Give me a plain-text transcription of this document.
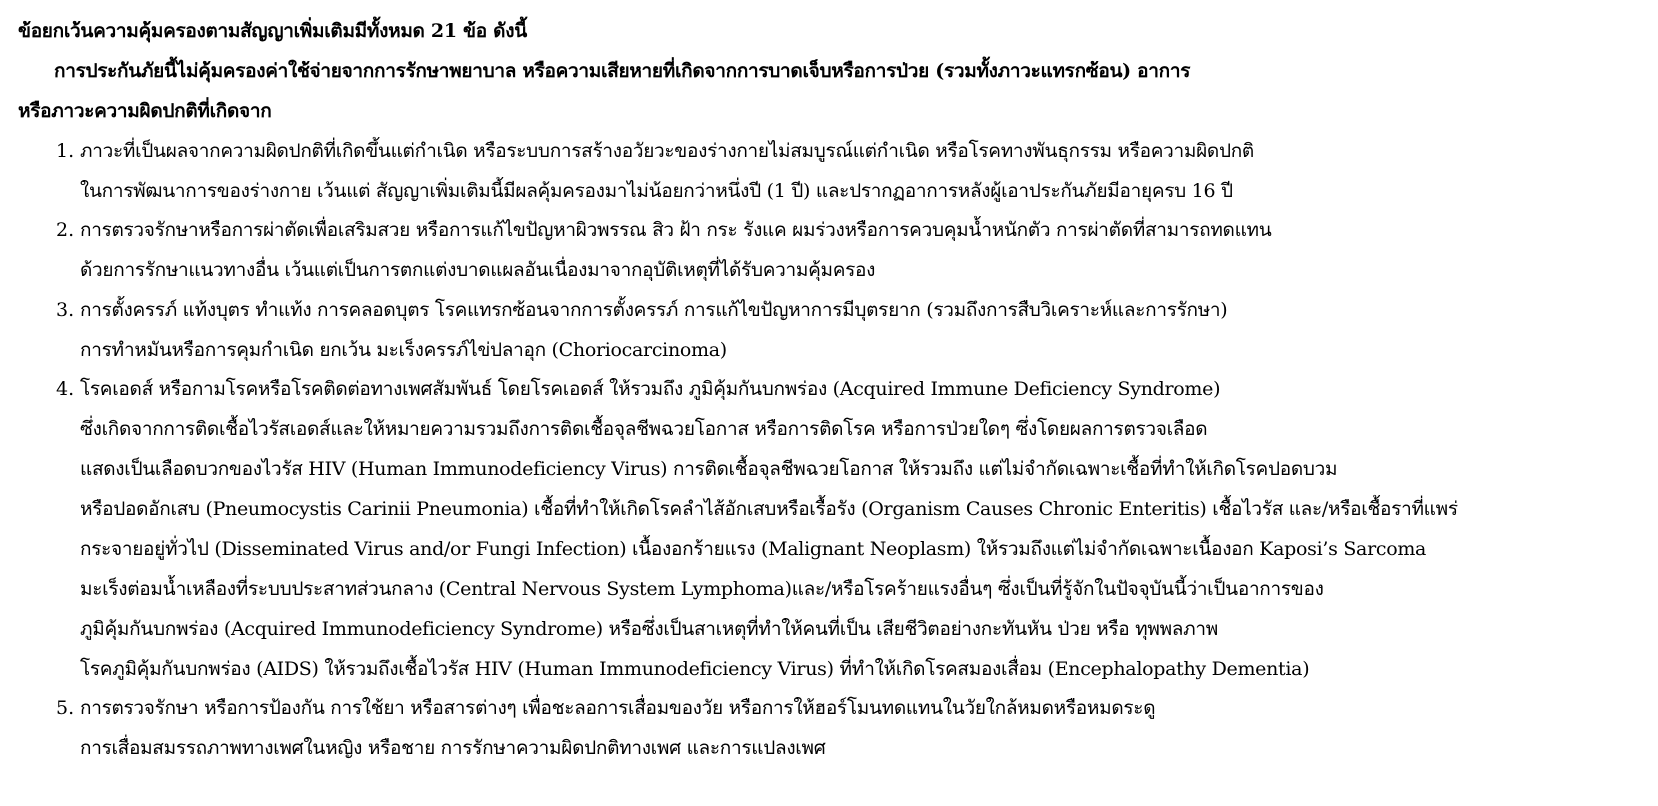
ข้อยกเว้นความคุ้มครองตามสัญญาเพิ่มเติมมีทั้งหมด 21 ข้อ ดังนี้
การประกันภัยนี้ไม่คุ้มครองค่าใช้จ่ายจากการรักษาพยาบาล หรือความเสียหายที่เกิดจากการบาดเจ็บหรือการป่วย (รวมทั้งภาวะแทรกซ้อน) อาการ
หรือภาวะความผิดปกติที่เกิดจาก
1. ภาวะที่เป็นผลจากความผิดปกติที่เกิดขึ้นแต่กำเนิด หรือระบบการสร้างอวัยวะของร่างกายไม่สมบูรณ์แต่กำเนิด หรือโรคทางพันธุกรรม หรือความผิดปกติ
ในการพัฒนาการของร่างกาย เว้นแต่ สัญญาเพิ่มเติมนี้มีผลคุ้มครองมาไม่น้อยกว่าหนึ่งปี (1 ปี) และปรากฏอาการหลังผู้เอาประกันภัยมีอายุครบ 16 ปี
2. การตรวจรักษาหรือการผ่าตัดเพื่อเสริมสวย หรือการแก้ไขปัญหาผิวพรรณ สิว ฝ้า กระ รังแค ผมร่วงหรือการควบคุมน้ำหนักตัว การผ่าตัดที่สามารถทดแทน
ด้วยการรักษาแนวทางอื่น เว้นแต่เป็นการตกแต่งบาดแผลอันเนื่องมาจากอุบัติเหตุที่ได้รับความคุ้มครอง
3. การตั้งครรภ์ แท้งบุตร ทำแท้ง การคลอดบุตร โรคแทรกซ้อนจากการตั้งครรภ์ การแก้ไขปัญหาการมีบุตรยาก (รวมถึงการสืบวิเคราะห์และการรักษา)
การทำหมันหรือการคุมกำเนิด ยกเว้น มะเร็งครรภ์ไข่ปลาอุก (Choriocarcinoma)
4. โรคเอดส์ หรือกามโรคหรือโรคติดต่อทางเพศสัมพันธ์ โดยโรคเอดส์ ให้รวมถึง ภูมิคุ้มกันบกพร่อง (Acquired Immune Deficiency Syndrome)
ซึ่งเกิดจากการติดเชื้อไวรัสเอดส์และให้หมายความรวมถึงการติดเชื้อจุลชีพฉวยโอกาส หรือการติดโรค หรือการป่วยใดๆ ซึ่งโดยผลการตรวจเลือด
แสดงเป็นเลือดบวกของไวรัส HIV (Human Immunodeficiency Virus) การติดเชื้อจุลชีพฉวยโอกาส ให้รวมถึง แต่ไม่จำกัดเฉพาะเชื้อที่ทำให้เกิดโรคปอดบวม
หรือปอดอักเสบ (Pneumocystis Carinii Pneumonia) เชื้อที่ทำให้เกิดโรคลำไส้อักเสบหรือเรื้อรัง (Organism Causes Chronic Enteritis) เชื้อไวรัส และ/หรือเชื้อราที่แพร่
กระจายอยู่ทั่วไป (Disseminated Virus and/or Fungi Infection) เนื้องอกร้ายแรง (Malignant Neoplasm) ให้รวมถึงแต่ไม่จำกัดเฉพาะเนื้องอก Kaposi’s Sarcoma
มะเร็งต่อมน้ำเหลืองที่ระบบประสาทส่วนกลาง (Central Nervous System Lymphoma)และ/หรือโรคร้ายแรงอื่นๆ ซึ่งเป็นที่รู้จักในปัจจุบันนี้ว่าเป็นอาการของ
ภูมิคุ้มกันบกพร่อง (Acquired Immunodeficiency Syndrome) หรือซึ่งเป็นสาเหตุที่ทำให้คนที่เป็น เสียชีวิตอย่างกะทันหัน ป่วย หรือ ทุพพลภาพ
โรคภูมิคุ้มกันบกพร่อง (AIDS) ให้รวมถึงเชื้อไวรัส HIV (Human Immunodeficiency Virus) ที่ทำให้เกิดโรคสมองเสื่อม (Encephalopathy Dementia)
5. การตรวจรักษา หรือการป้องกัน การใช้ยา หรือสารต่างๆ เพื่อชะลอการเสื่อมของวัย หรือการให้ฮอร์โมนทดแทนในวัยใกล้หมดหรือหมดระดู
การเสื่อมสมรรถภาพทางเพศในหญิง หรือชาย การรักษาความผิดปกติทางเพศ และการแปลงเพศ
